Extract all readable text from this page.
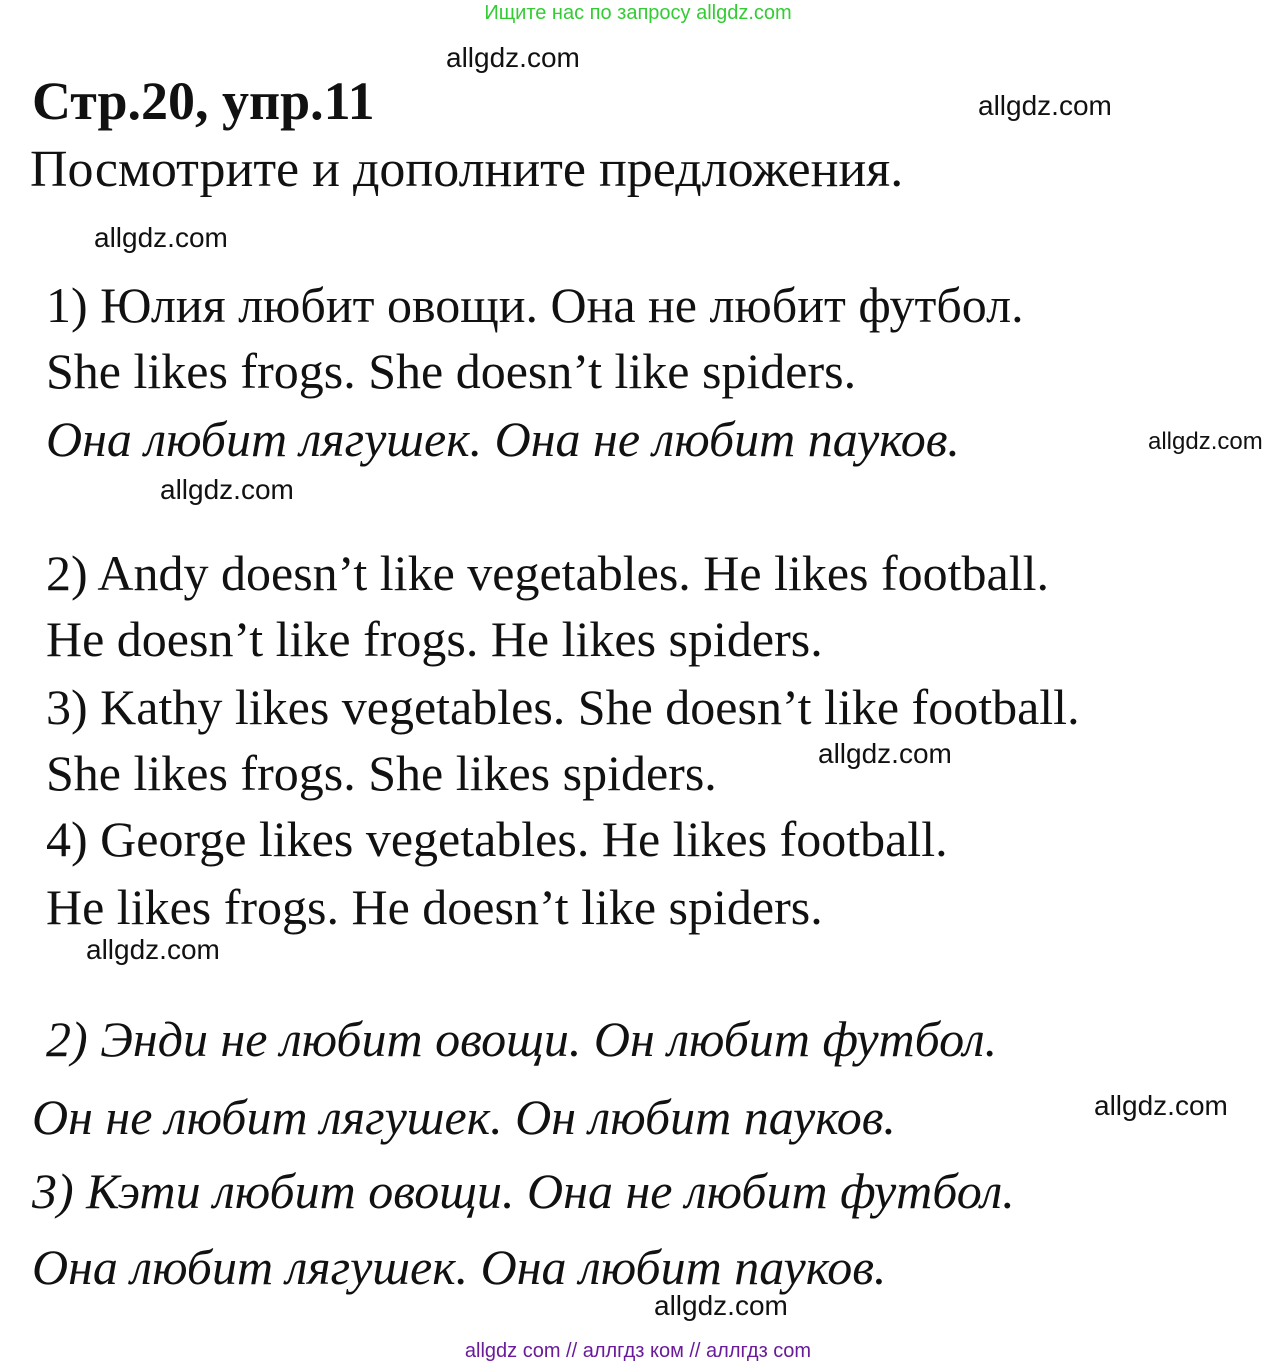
Ищите нас по запросу allgdz.com
allgdz.com
Стр.20, упр.11	allgdz.com
Посмотрите и дополните предложения.
allgdz.com
1) Юлия любит овощи. Она не любит футбол.
She likes frogs. She doesn’t like spiders.
Она любит лягушек. Она не любит пауков.	allgdz.com
allgdz.com
2) Andy doesn’t like vegetables. He likes football.
He doesn’t like frogs. He likes spiders.
3) Kathy likes vegetables. She doesn’t like football.
She likes frogs. She likes spiders.	allgdz.com
4) George likes vegetables. He likes football.
He likes frogs. He doesn’t like spiders.
allgdz.com
2) Энди не любит овощи. Он любит футбол.
Он не любит лягушек. Он любит пауков.	allgdz.com
3) Кэти любит овощи. Она не любит футбол.
Она любит лягушек. Она любит пауков.
allgdz.com
allgdz com // аллгдз ком // аллгдз com
